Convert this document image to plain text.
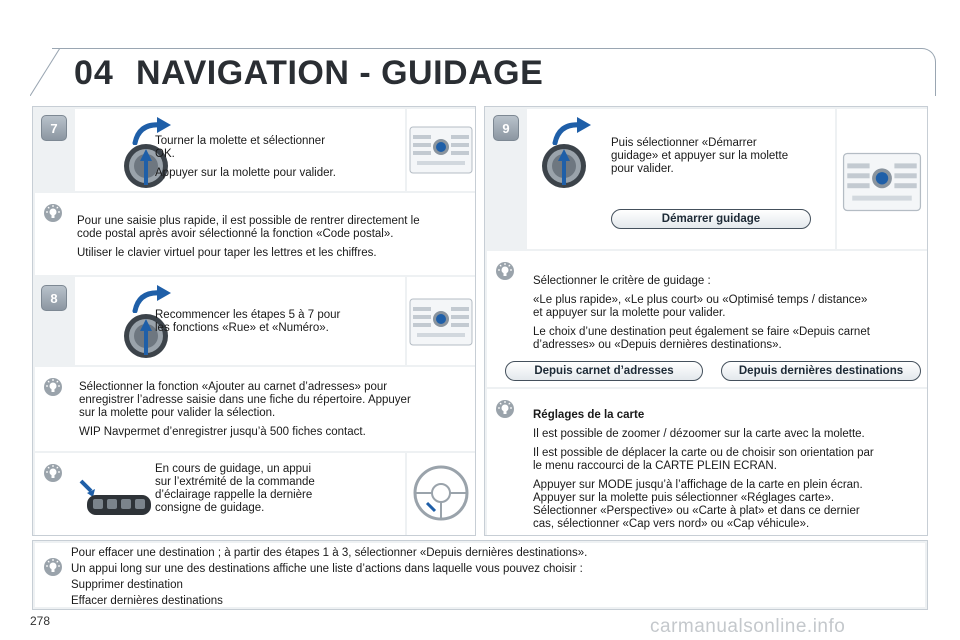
04 NAVIGATION - GUIDAGE
7
Tourner la molette et sélectionner

OK.

Appuyer sur la molette pour valider.
Pour une saisie plus rapide, il est possible de rentrer directement le

code postal après avoir sélectionné la fonction «Code postal».

Utiliser le clavier virtuel pour taper les lettres et les chiffres.
8
Recommencer les étapes 5 à 7 pour
les fonctions «Rue» et «Numéro».
Sélectionner la fonction «Ajouter au carnet d’adresses» pour
enregistrer l’adresse saisie dans une fiche du répertoire. Appuyer

sur la molette pour valider la sélection.

WIP Navpermet d’enregistrer jusqu’à 500 fiches contact.
En cours de guidage, un appui
sur l’extrémité de la commande
d’éclairage rappelle la dernière
consigne de guidage.
9
Puis sélectionner «Démarrer
guidage» et appuyer sur la molette
pour valider.
Démarrer guidage

Sélectionner le critère de guidage :

«Le plus rapide», «Le plus court» ou «Optimisé temps / distance»

et appuyer sur la molette pour valider.

Le choix d’une destination peut également se faire «Depuis carnet
d’adresses» ou «Depuis dernières destinations».
Depuis carnet d’adresses	Depuis dernières destinations

Réglages de la carte

Il est possible de zoomer / dézoomer sur la carte avec la molette.

Il est possible de déplacer la carte ou de choisir son orientation par

le menu raccourci de la CARTE PLEIN ECRAN.

Appuyer sur MODE jusqu’à l’affichage de la carte en plein écran.
Appuyer sur la molette puis sélectionner «Réglages carte».
Sélectionner «Perspective» ou «Carte à plat» et dans ce dernier
cas, sélectionner «Cap vers nord» ou «Cap véhicule».
Pour effacer une destination ; à partir des étapes 1 à 3, sélectionner «Depuis dernières destinations».
Un appui long sur une des destinations affiche une liste d’actions dans laquelle vous pouvez choisir :
Supprimer destination
Effacer dernières destinations
278	carmanualsonline.info
